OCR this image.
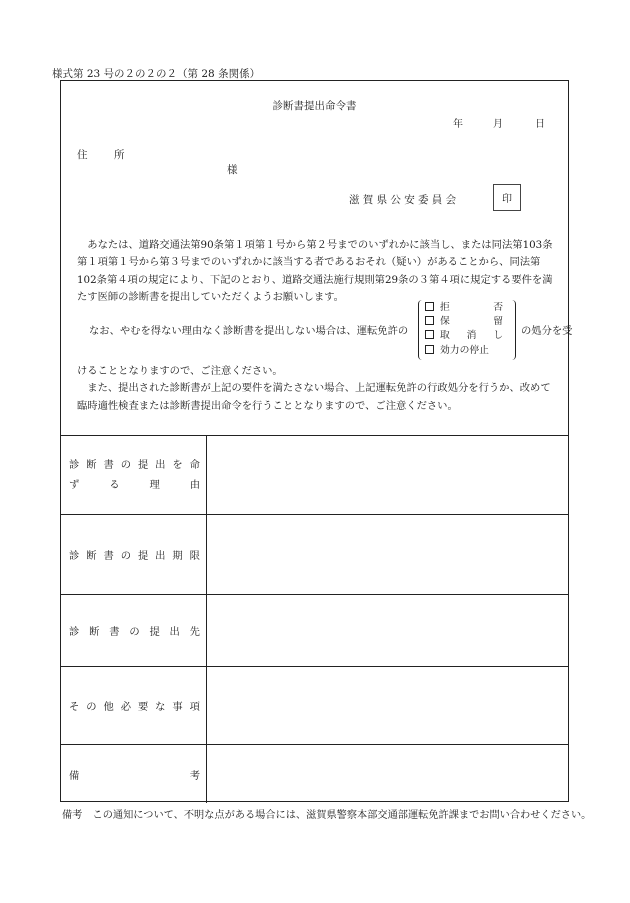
様式第 23 号の２の２の２（第 28 条関係）
診断書提出命令書
年	月	日
住　所
様
滋賀県公安委員会	印

あなたは、道路交通法第90条第１項第１号から第２号までのいずれかに該当し、または同法第103条第１項第１号から第３号までのいずれかに該当する者であるおそれ（疑い）があることから、同法第102条第４項の規定により、下記のとおり、道路交通法施行規則第29条の３第４項に規定する要件を満たす医師の診断書を提出していただくようお願いします。

なお、やむを得ない理由なく診断書を提出しない場合は、運転免許の
拒	否
保	留
取 消 し
効力の停止
の処分を受

けることとなりますので、ご注意ください。

また、提出された診断書が上記の要件を満たさない場合、上記運転免許の行政処分を行うか、改めて臨時適性検査または診断書提出命令を行うこととなりますので、ご注意ください。

診 断 書 の 提 出 を 命
ず	る	理	由
診 断 書 の 提 出 期 限
診 断 書 の 提 出 先
そ の 他 必 要 な 事 項
備	考
備考　この通知について、不明な点がある場合には、滋賀県警察本部交通部運転免許課までお問い合わせください。
